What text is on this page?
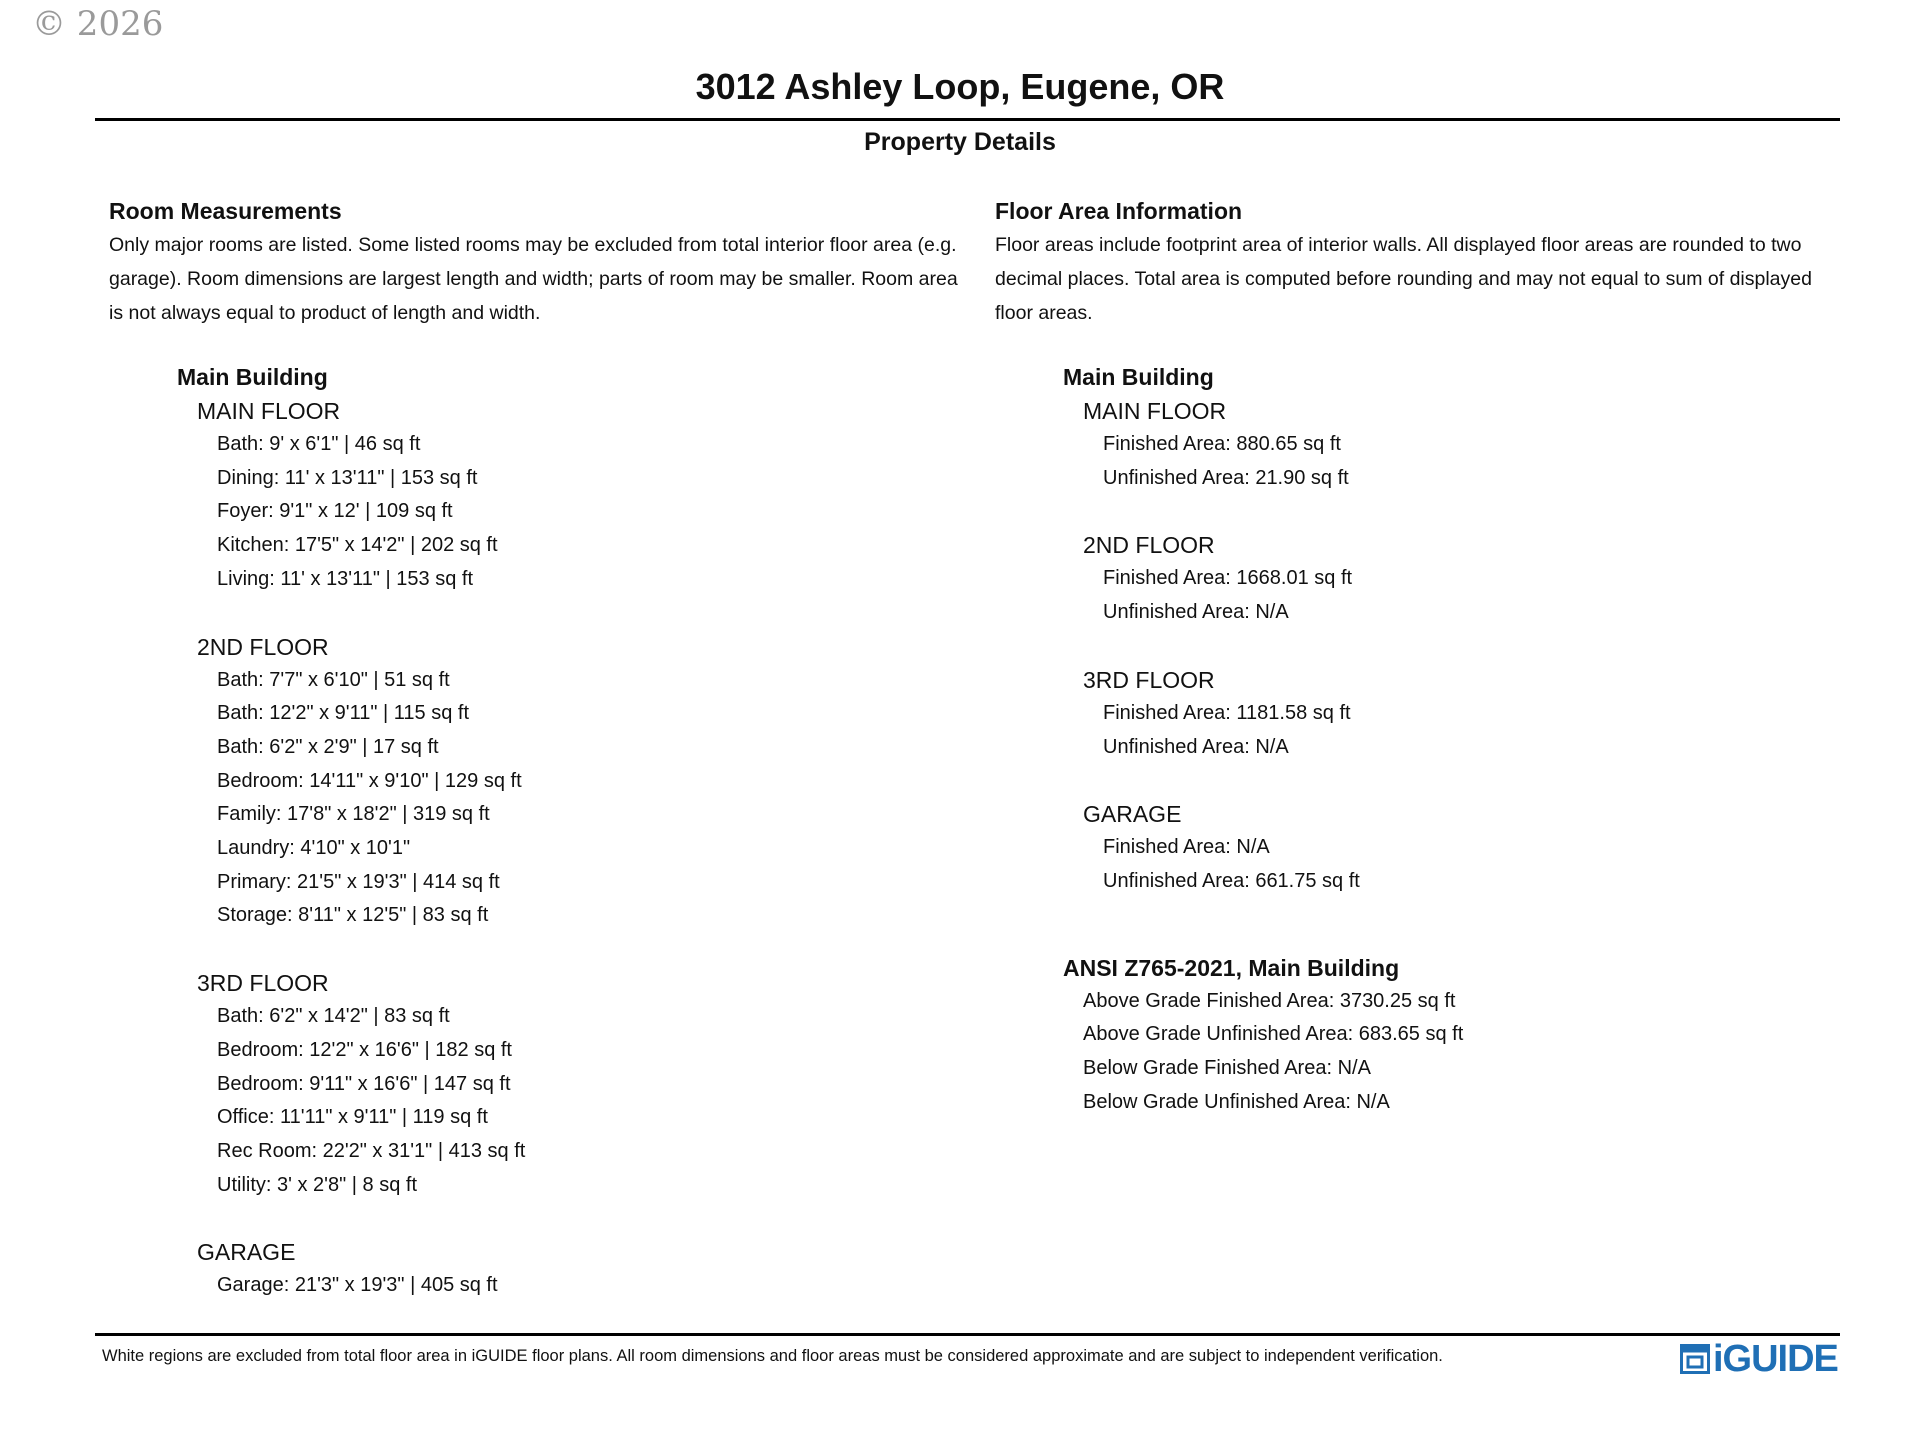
© 2026
3012 Ashley Loop, Eugene, OR
Property Details

Room Measurements

Only major rooms are listed. Some listed rooms may be excluded from total interior floor area (e.g. garage). Room dimensions are largest length and width; parts of room may be smaller. Room area is not always equal to product of length and width.

Main Building
MAIN FLOOR
Bath: 9' x 6'1" | 46 sq ft
Dining: 11' x 13'11" | 153 sq ft
Foyer: 9'1" x 12' | 109 sq ft
Kitchen: 17'5" x 14'2" | 202 sq ft
Living: 11' x 13'11" | 153 sq ft
2ND FLOOR
Bath: 7'7" x 6'10" | 51 sq ft
Bath: 12'2" x 9'11" | 115 sq ft
Bath: 6'2" x 2'9" | 17 sq ft
Bedroom: 14'11" x 9'10" | 129 sq ft
Family: 17'8" x 18'2" | 319 sq ft
Laundry: 4'10" x 10'1"
Primary: 21'5" x 19'3" | 414 sq ft
Storage: 8'11" x 12'5" | 83 sq ft
3RD FLOOR
Bath: 6'2" x 14'2" | 83 sq ft
Bedroom: 12'2" x 16'6" | 182 sq ft
Bedroom: 9'11" x 16'6" | 147 sq ft
Office: 11'11" x 9'11" | 119 sq ft
Rec Room: 22'2" x 31'1" | 413 sq ft
Utility: 3' x 2'8" | 8 sq ft
GARAGE
Garage: 21'3" x 19'3" | 405 sq ft

Floor Area Information

Floor areas include footprint area of interior walls. All displayed floor areas are rounded to two decimal places. Total area is computed before rounding and may not equal to sum of displayed floor areas.

Main Building
MAIN FLOOR
Finished Area: 880.65 sq ft
Unfinished Area: 21.90 sq ft
2ND FLOOR
Finished Area: 1668.01 sq ft
Unfinished Area: N/A
3RD FLOOR
Finished Area: 1181.58 sq ft
Unfinished Area: N/A
GARAGE
Finished Area: N/A
Unfinished Area: 661.75 sq ft
ANSI Z765-2021, Main Building
Above Grade Finished Area: 3730.25 sq ft
Above Grade Unfinished Area: 683.65 sq ft
Below Grade Finished Area: N/A
Below Grade Unfinished Area: N/A
White regions are excluded from total floor area in iGUIDE floor plans. All room dimensions and floor areas must be considered approximate and are subject to independent verification.	iGUIDE
